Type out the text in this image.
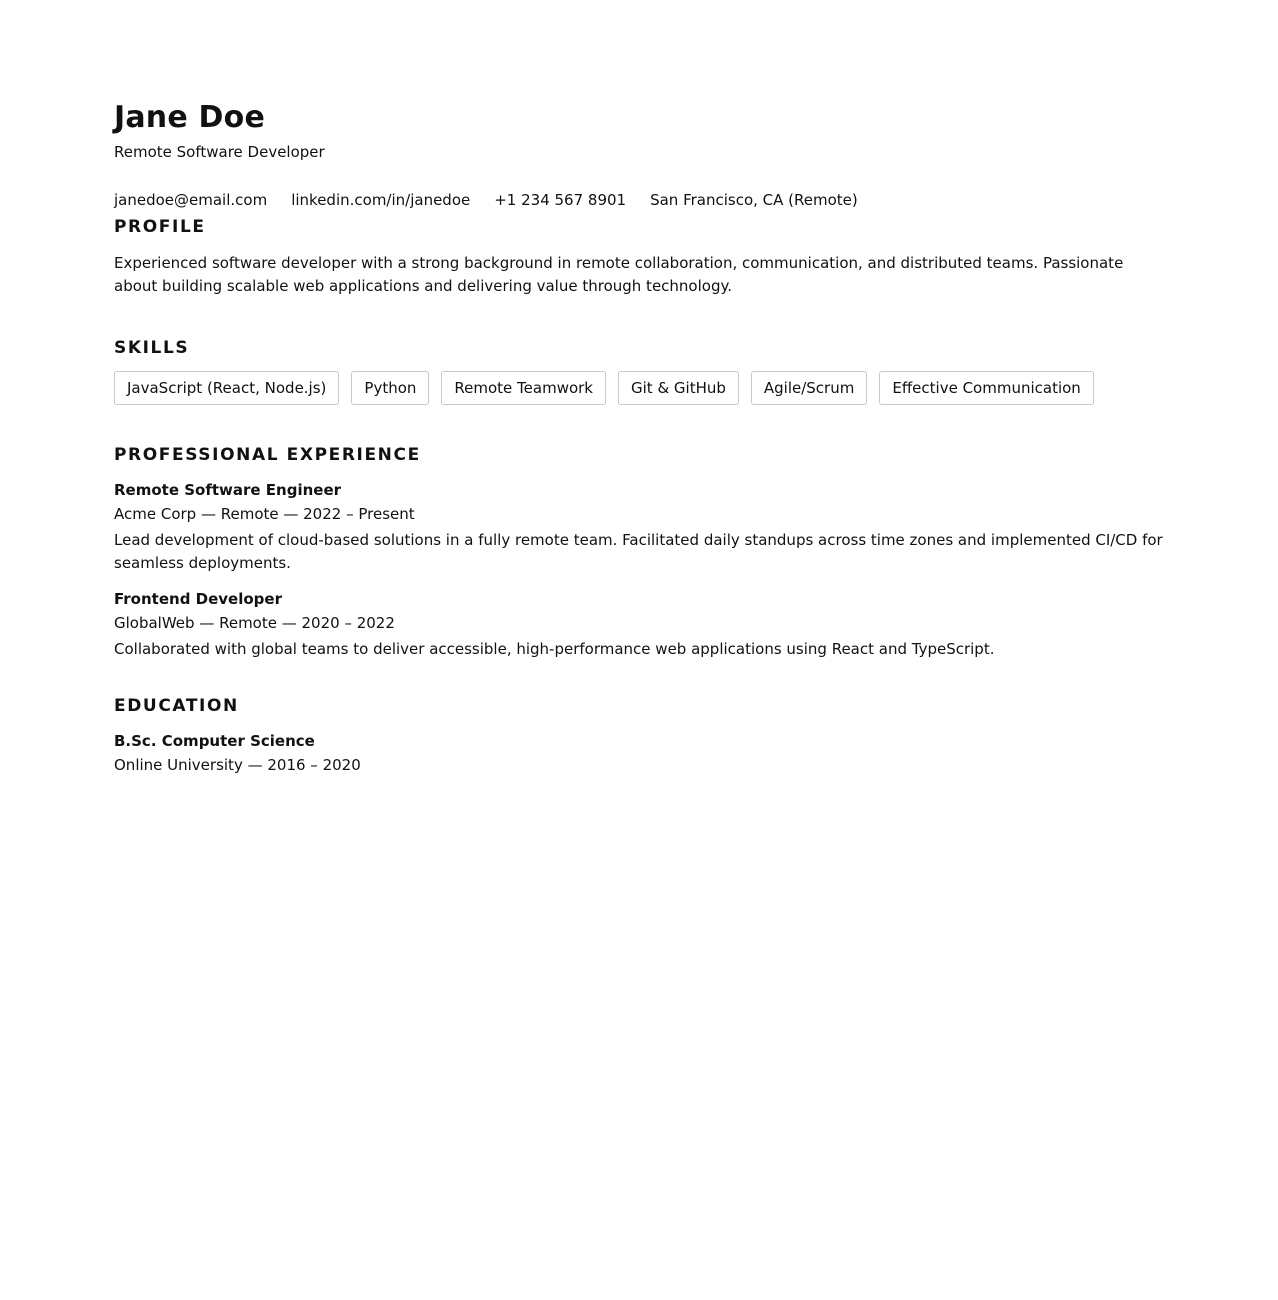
Jane Doe

Remote Software Developer

janedoe@email.com linkedin.com/in/janedoe +1 234 567 8901 San Francisco, CA (Remote)
PROFILE

Experienced software developer with a strong background in remote collaboration, communication, and distributed teams. Passionate about building scalable web applications and delivering value through technology.

SKILLS
JavaScript (React, Node.js)	Python	Remote Teamwork	Git & GitHub	Agile/Scrum	Effective Communication
PROFESSIONAL EXPERIENCE

Remote Software Engineer

Acme Corp — Remote — 2022 – Present

Lead development of cloud-based solutions in a fully remote team. Facilitated daily standups across time zones and implemented CI/CD for seamless deployments.

Frontend Developer

GlobalWeb — Remote — 2020 – 2022

Collaborated with global teams to deliver accessible, high-performance web applications using React and TypeScript.

EDUCATION

B.Sc. Computer Science

Online University — 2016 – 2020
